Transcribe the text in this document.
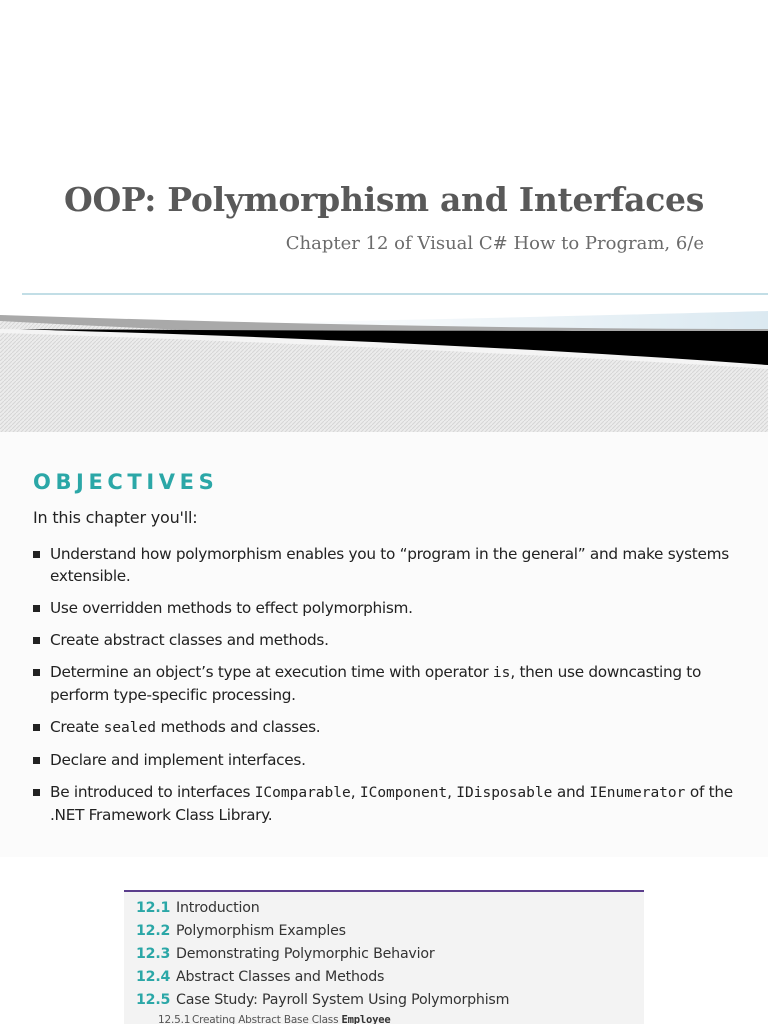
OOP: Polymorphism and Interfaces
Chapter 12 of Visual C# How to Program, 6/e
OBJECTIVES
In this chapter you'll:
Understand how polymorphism enables you to “program in the general” and make systems extensible.
Use overridden methods to effect polymorphism.
Create abstract classes and methods.
Determine an object’s type at execution time with operator is, then use downcasting to perform type-specific processing.
Create sealed methods and classes.
Declare and implement interfaces.
Be introduced to interfaces IComparable, IComponent, IDisposable and IEnumerator of the .NET Framework Class Library.
12.1 Introduction
12.2 Polymorphism Examples
12.3 Demonstrating Polymorphic Behavior
12.4 Abstract Classes and Methods
12.5 Case Study: Payroll System Using Polymorphism
12.5.1 Creating Abstract Base Class Employee
